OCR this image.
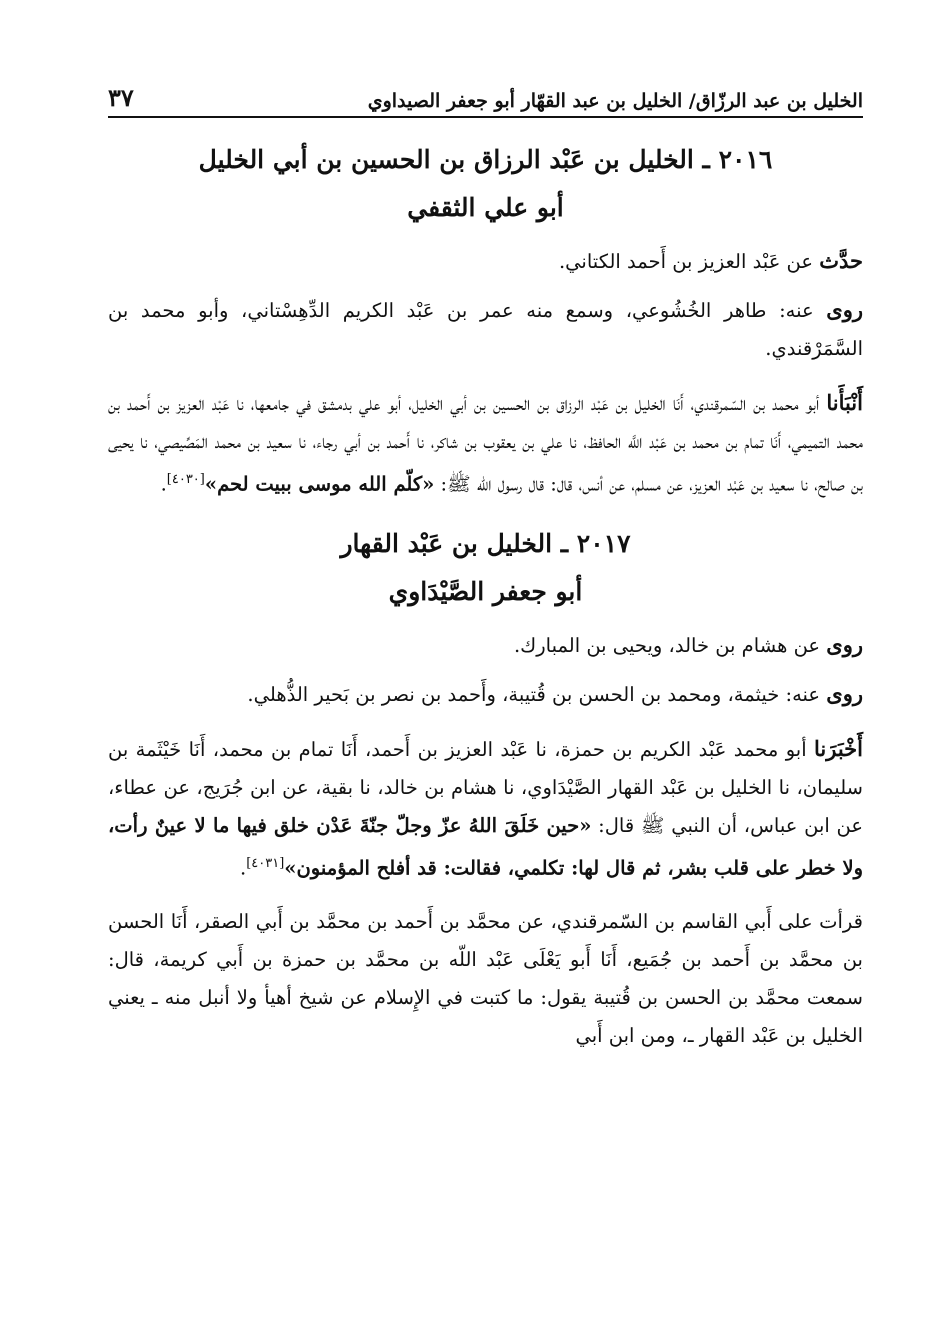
الخليل بن عبد الرزّاق/ الخليل بن عبد القهّار أبو جعفر الصيداوي
٣٧
٢٠١٦ ـ الخليل بن عَبْد الرزاق بن الحسين بن أبي الخليل
أبو علي الثقفي

حدَّث عن عَبْد العزيز بن أَحمد الكتاني.

روى عنه: طاهر الخُشُوعي، وسمع منه عمر بن عَبْد الكريم الدِّهِسْتاني، وأبو محمد بن السَّمَرْقندي.

أَنْبَأَنا أبو محمد بن السّمرقندي، أَنَا الخليل بن عَبْد الرزاق بن الحسين بن أبي الخليل، أبو علي بدمشق في جامعها، نا عَبْد العزيز بن أَحمد بن محمد التميمي، أَنَا تمام بن محمد بن عَبْد اللَّه الحافظ، نا علي بن يعقوب بن شاكر، نا أَحمد بن أبي رجاء، نا سعيد بن محمد المَصِّيصي، نا يحيى بن صالح، نا سعيد بن عَبْد العزيز، عن مسلم، عن أنس، قال: قال رسول الله ﷺ: «كلّم الله موسى ببيت لحم»[٤٠٣٠].

٢٠١٧ ـ الخليل بن عَبْد القهار
أبو جعفر الصَّيْدَاوي

روى عن هشام بن خالد، ويحيى بن المبارك.

روى عنه: خيثمة، ومحمد بن الحسن بن قُتيبة، وأَحمد بن نصر بن بَحير الذُّهلي.

أَخْبَرَنا أبو محمد عَبْد الكريم بن حمزة، نا عَبْد العزيز بن أَحمد، أَنَا تمام بن محمد، أَنَا خَيْثَمة بن سليمان، نا الخليل بن عَبْد القهار الصَّيْدَاوي، نا هشام بن خالد، نا بقية، عن ابن جُرَيج، عن عطاء، عن ابن عباس، أن النبي ﷺ قال: «حين خَلَقَ اللهُ عزّ وجلّ جنّةَ عَدْن خلق فيها ما لا عينٌ رأت، ولا خطر على قلب بشر، ثم قال لها: تكلمي، فقالت: قد أفلح المؤمنون»[٤٠٣١].

قرأت على أَبي القاسم بن السّمرقندي، عن محمَّد بن أَحمد بن محمَّد بن أَبي الصقر، أَنَا الحسن بن محمَّد بن أَحمد بن جُمَيع، أَنَا أَبو يَعْلَى عَبْد اللّه بن محمَّد بن حمزة بن أَبي كريمة، قال: سمعت محمَّد بن الحسن بن قُتيبة يقول: ما كتبت في الإِسلام عن شيخ أهيأ ولا أنبل منه ـ يعني الخليل بن عَبْد القهار ـ، ومن ابن أَبي
